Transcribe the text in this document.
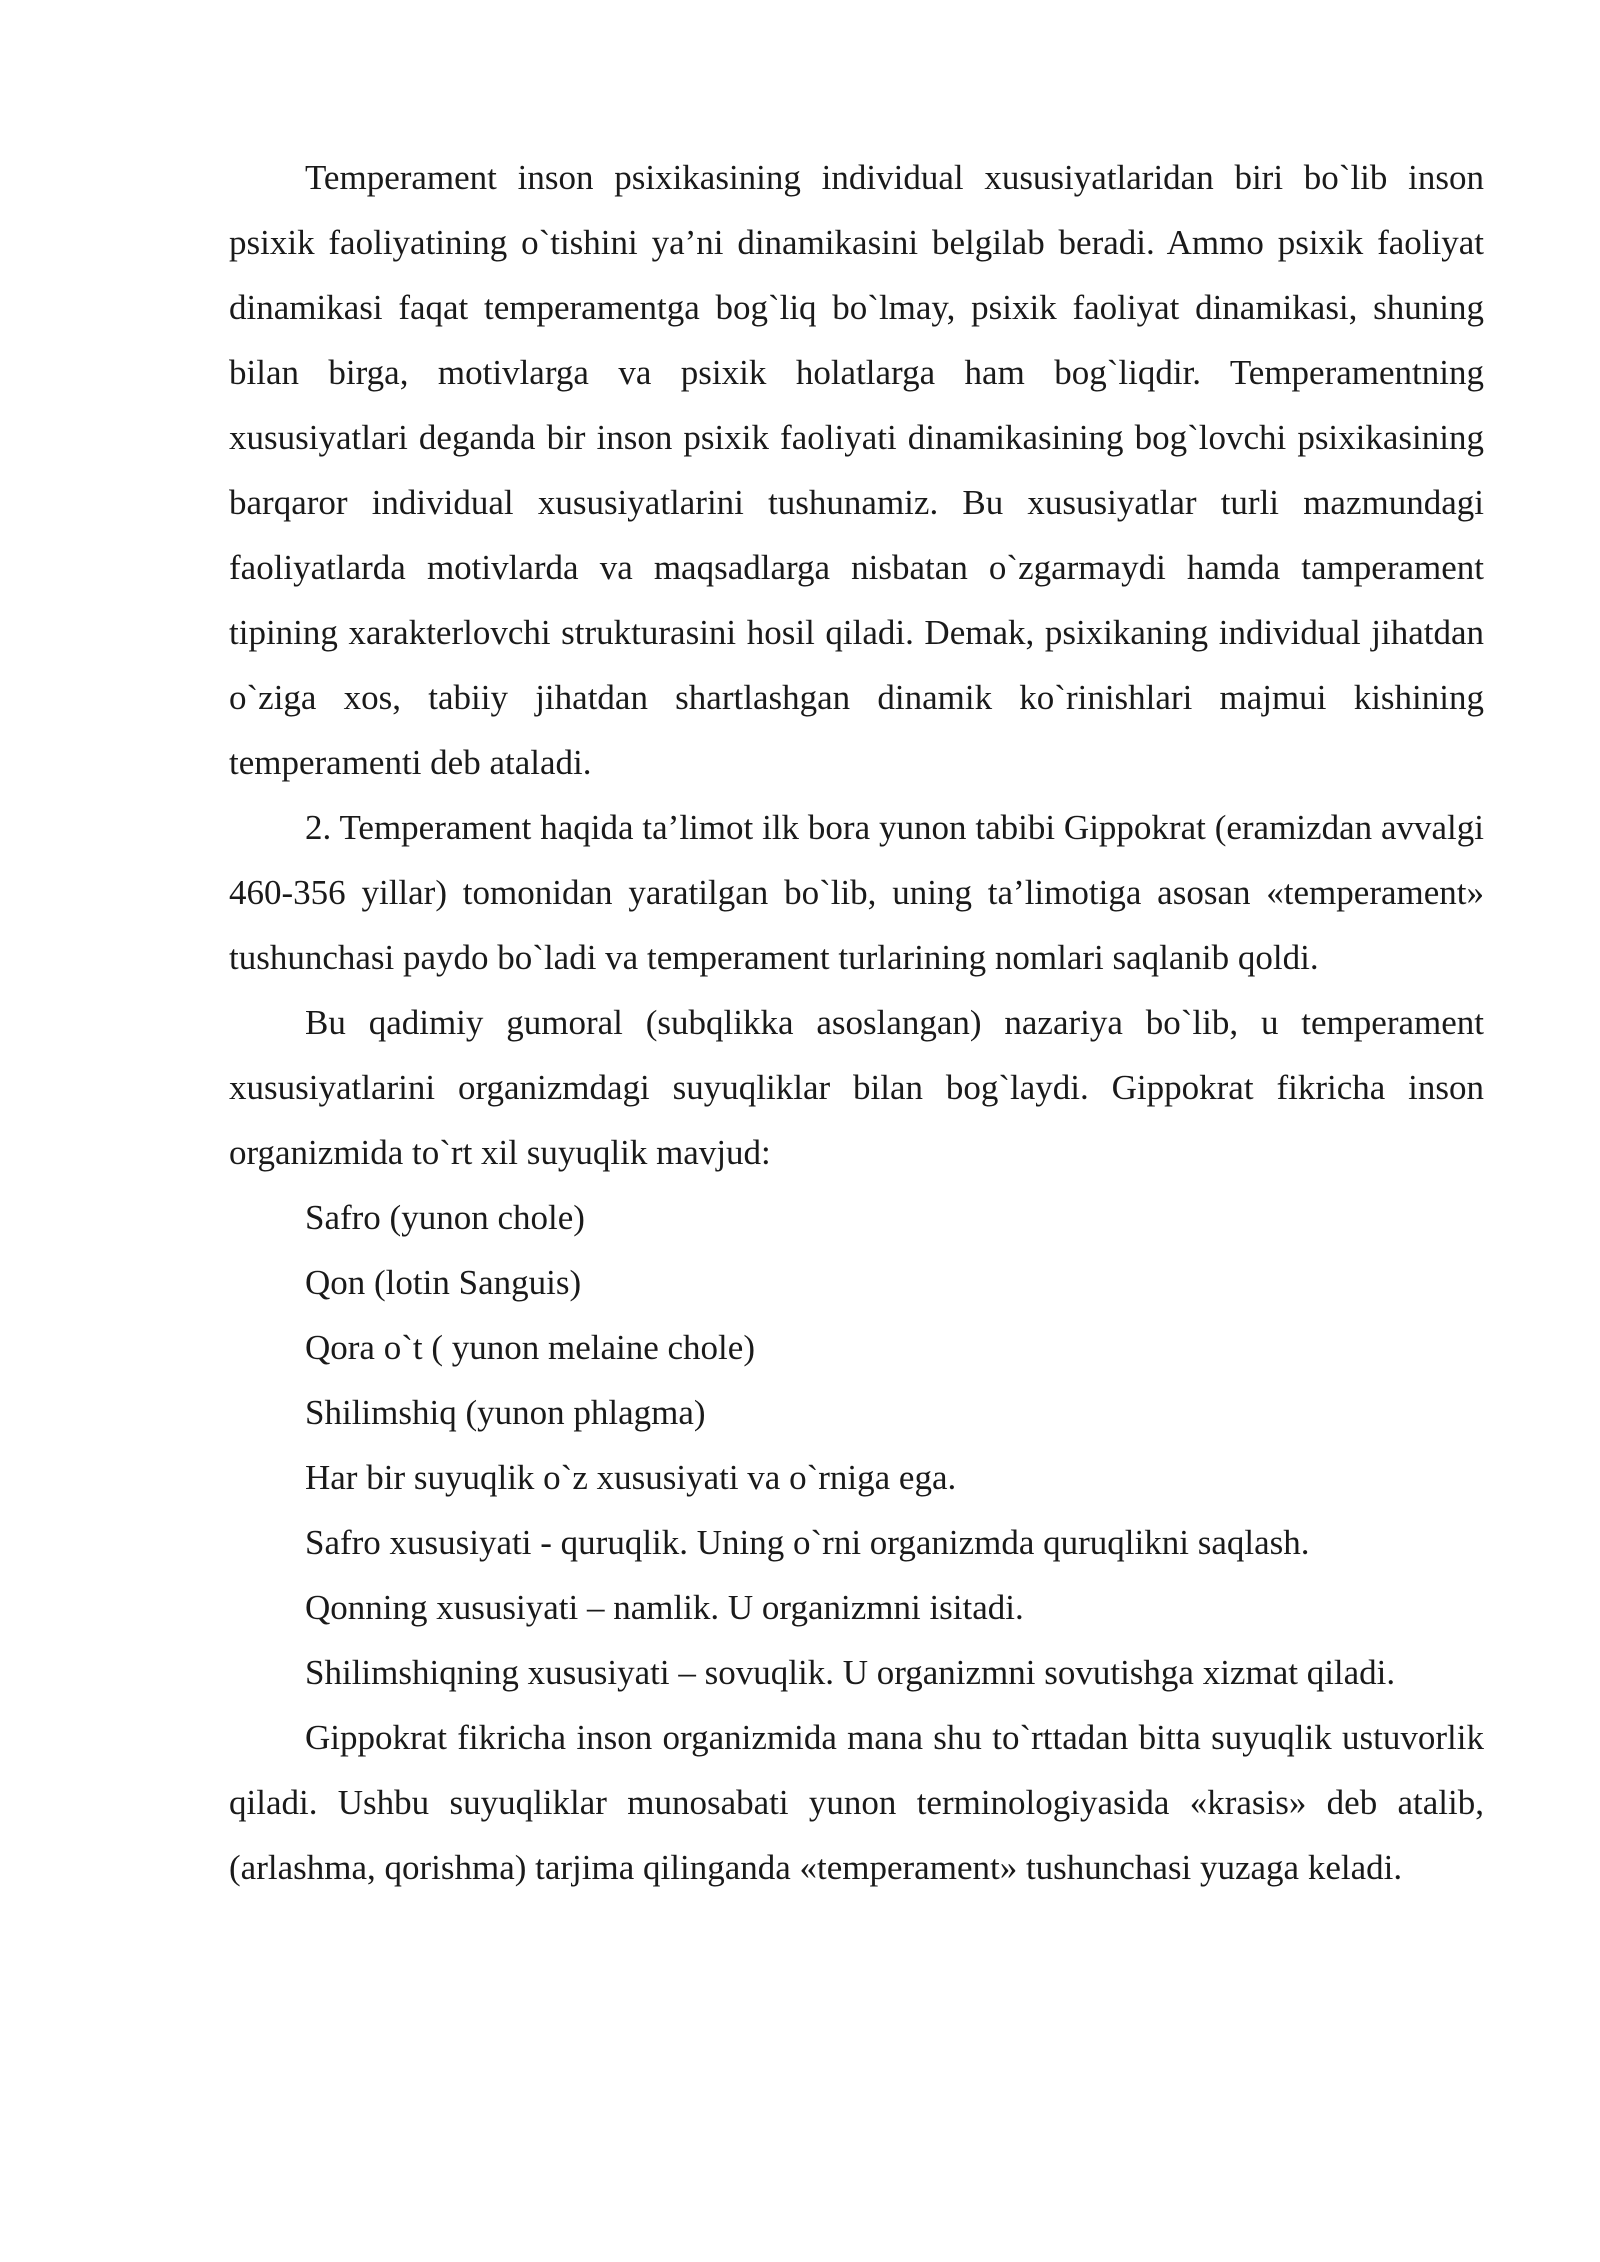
Temperament inson psixikasining individual xususiyatlaridan biri bo`lib inson psixik faoliyatining o`tishini ya’ni dinamikasini belgilab beradi. Ammo psixik faoliyat dinamikasi faqat temperamentga bog`liq bo`lmay, psixik faoliyat dinamikasi, shuning bilan birga, motivlarga va psixik holatlarga ham bog`liqdir. Temperamentning xususiyatlari deganda bir inson psixik faoliyati dinamikasining bog`lovchi psixikasining barqaror individual xususiyatlarini tushunamiz. Bu xususiyatlar turli mazmundagi faoliyatlarda motivlarda va maqsadlarga nisbatan o`zgarmaydi hamda tamperament tipining xarakterlovchi strukturasini hosil qiladi. Demak, psixikaning individual jihatdan o`ziga xos, tabiiy jihatdan shartlashgan dinamik ko`rinishlari majmui kishining temperamenti deb ataladi.

2. Temperament haqida ta’limot ilk bora yunon tabibi Gippokrat (eramizdan avvalgi 460-356 yillar) tomonidan yaratilgan bo`lib, uning ta’limotiga asosan «temperament» tushunchasi paydo bo`ladi va temperament turlarining nomlari saqlanib qoldi.

Bu qadimiy gumoral (subqlikka asoslangan) nazariya bo`lib, u temperament xususiyatlarini organizmdagi suyuqliklar bilan bog`laydi. Gippokrat fikricha inson organizmida to`rt xil suyuqlik mavjud:

Safro (yunon chole)

Qon (lotin Sanguis)

Qora o`t ( yunon melaine chole)

Shilimshiq (yunon phlagma)

Har bir suyuqlik o`z xususiyati va o`rniga ega.

Safro xususiyati - quruqlik. Uning o`rni organizmda quruqlikni saqlash.

Qonning xususiyati – namlik. U organizmni isitadi.

Shilimshiqning xususiyati – sovuqlik. U organizmni sovutishga xizmat qiladi.

Gippokrat fikricha inson organizmida mana shu to`rttadan bitta suyuqlik ustuvorlik qiladi. Ushbu suyuqliklar munosabati yunon terminologiyasida «krasis» deb atalib, (arlashma, qorishma) tarjima qilinganda «temperament» tushunchasi yuzaga keladi.
